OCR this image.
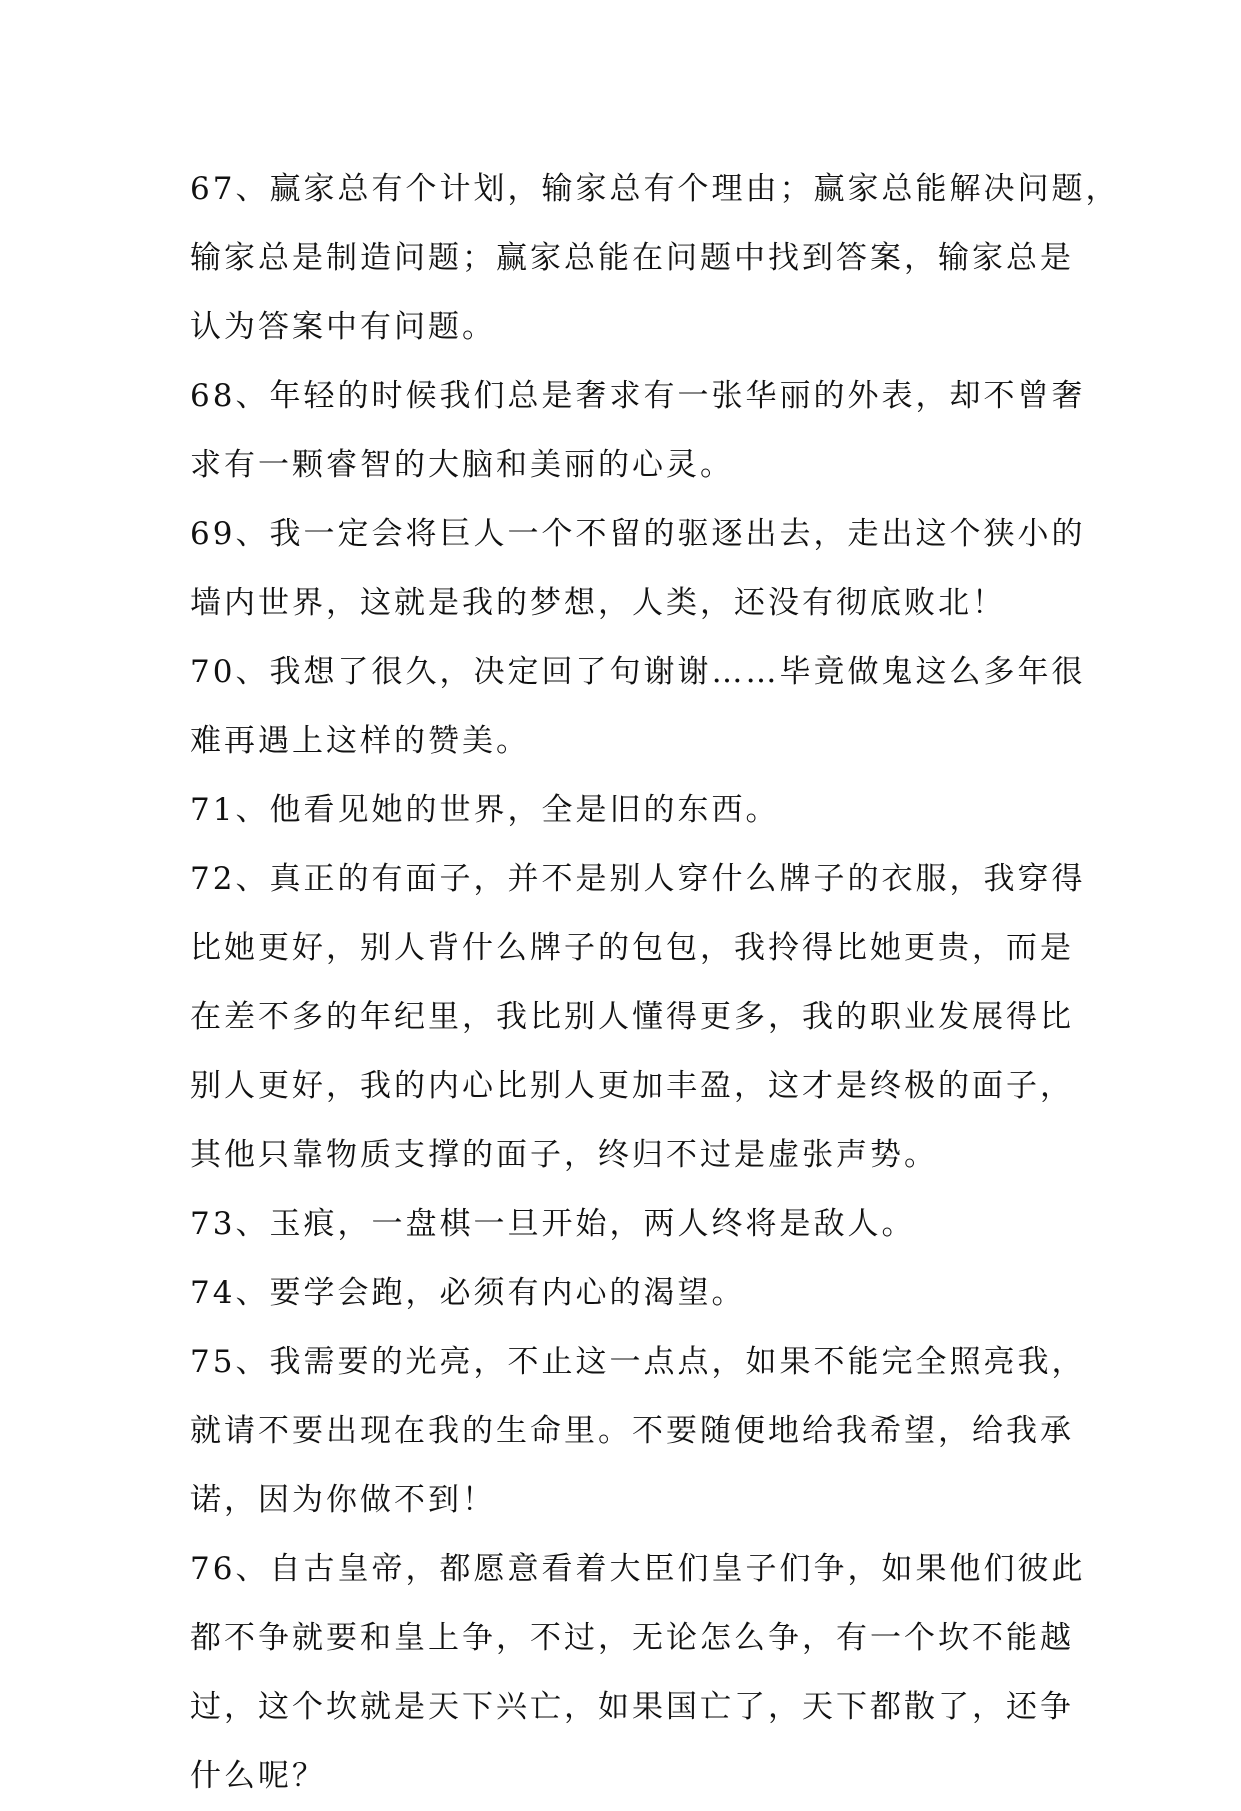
67、赢家总有个计划，输家总有个理由；赢家总能解决问题，
输家总是制造问题；赢家总能在问题中找到答案，输家总是
认为答案中有问题。
68、年轻的时候我们总是奢求有一张华丽的外表，却不曾奢
求有一颗睿智的大脑和美丽的心灵。
69、我一定会将巨人一个不留的驱逐出去，走出这个狭小的
墙内世界，这就是我的梦想，人类，还没有彻底败北！
70、我想了很久，决定回了句谢谢……毕竟做鬼这么多年很
难再遇上这样的赞美。
71、他看见她的世界，全是旧的东西。
72、真正的有面子，并不是别人穿什么牌子的衣服，我穿得
比她更好，别人背什么牌子的包包，我拎得比她更贵，而是
在差不多的年纪里，我比别人懂得更多，我的职业发展得比
别人更好，我的内心比别人更加丰盈，这才是终极的面子，
其他只靠物质支撑的面子，终归不过是虚张声势。
73、玉痕，一盘棋一旦开始，两人终将是敌人。
74、要学会跑，必须有内心的渴望。
75、我需要的光亮，不止这一点点，如果不能完全照亮我，
就请不要出现在我的生命里。不要随便地给我希望，给我承
诺，因为你做不到！
76、自古皇帝，都愿意看着大臣们皇子们争，如果他们彼此
都不争就要和皇上争，不过，无论怎么争，有一个坎不能越
过，这个坎就是天下兴亡，如果国亡了，天下都散了，还争
什么呢？
